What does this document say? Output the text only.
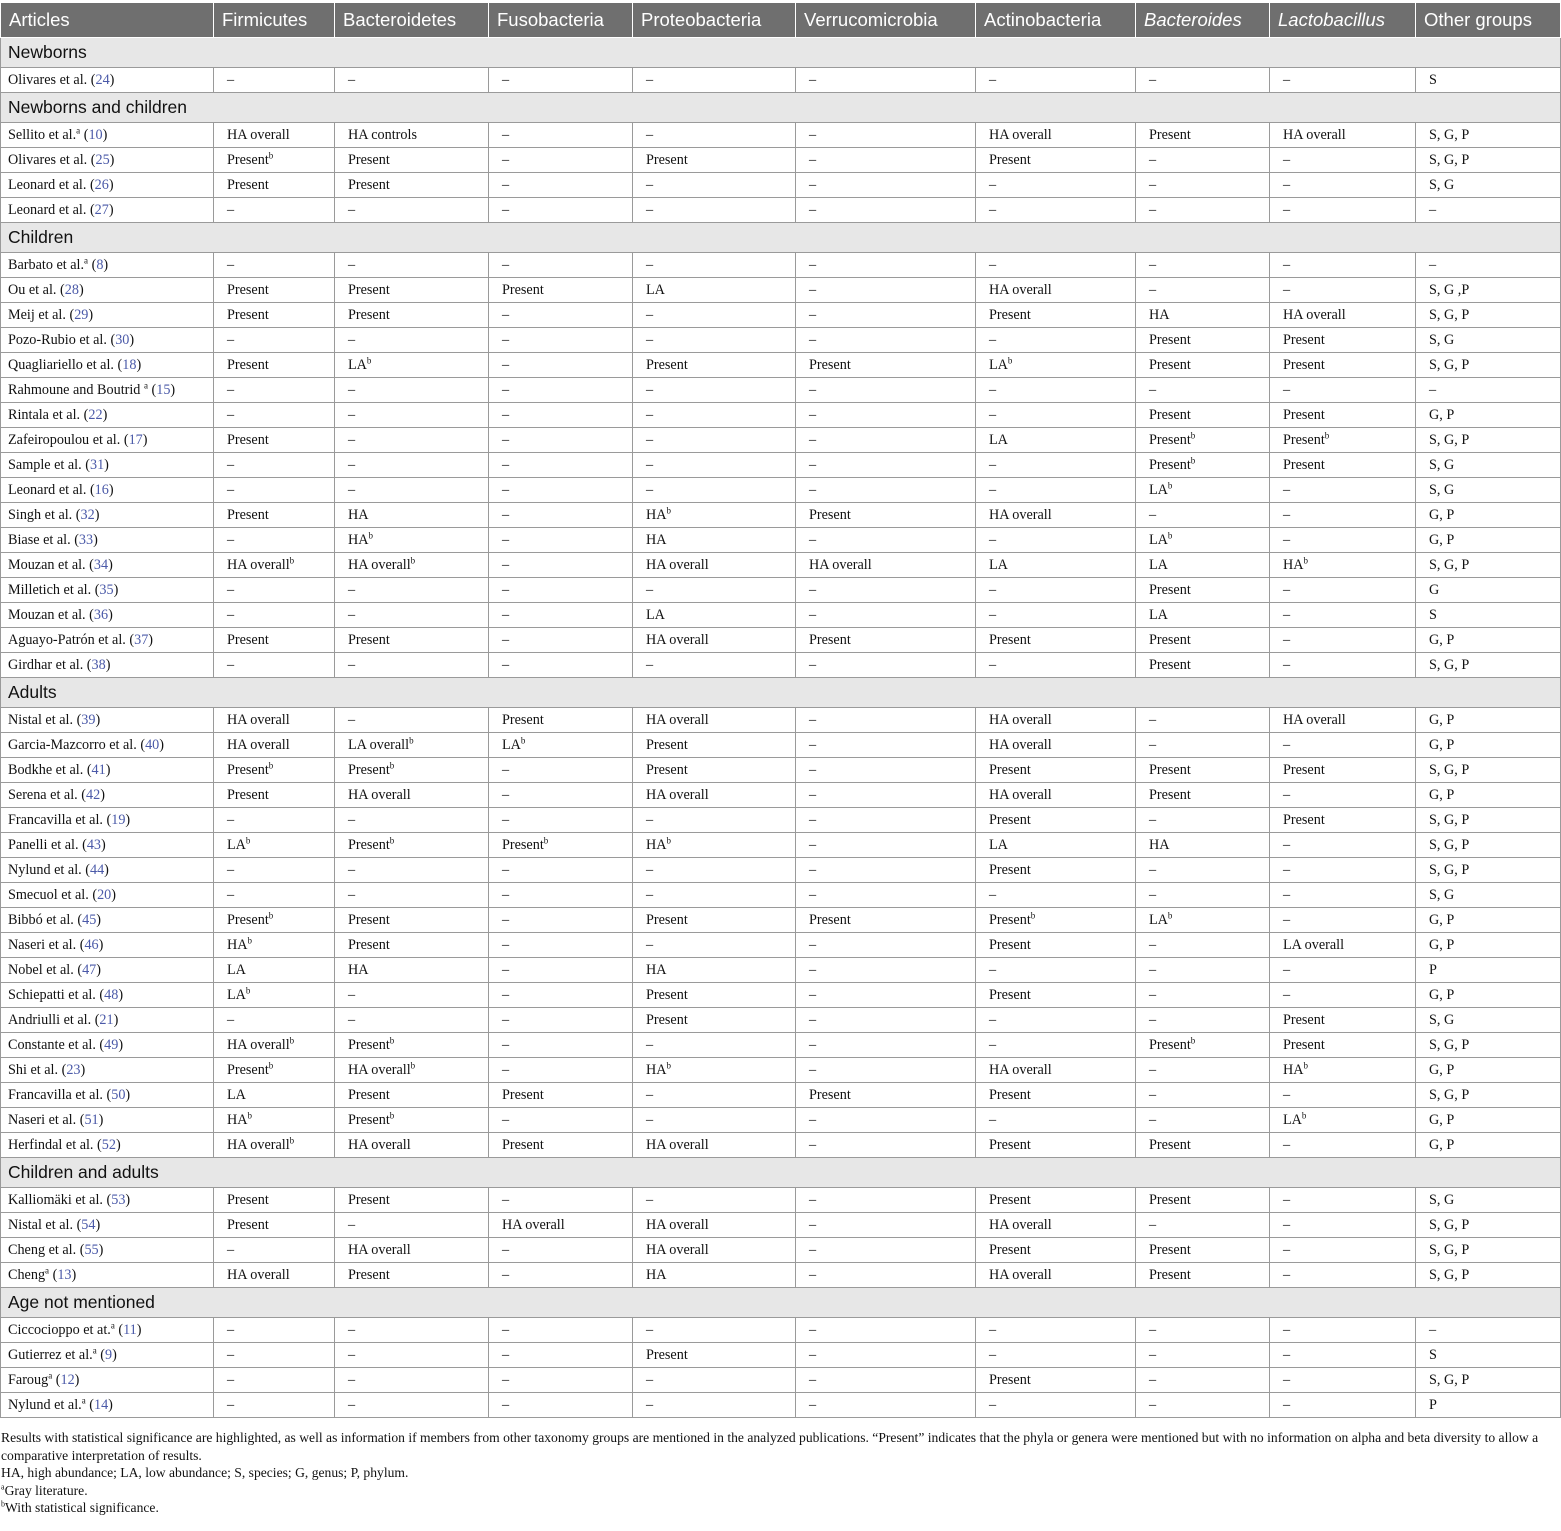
Articles	Firmicutes	Bacteroidetes	Fusobacteria	Proteobacteria	Verrucomicrobia	Actinobacteria	Bacteroides	Lactobacillus	Other groups
Newborns									
Olivares et al. (24)	–	–	–	–	–	–	–	–	S
Newborns and children									
Sellito et al.$^a$ (10)	HA overall	HA controls	–	–	–	HA overall	Present	HA overall	S, G, P
Olivares et al. (25)	Present$^b$	Present	–	Present	–	Present	–	–	S, G, P
Leonard et al. (26)	Present	Present	–	–	–	–	–	–	S, G
Leonard et al. (27)	–	–	–	–	–	–	–	–	–
Children									
Barbato et al.$^a$ (8)	–	–	–	–	–	–	–	–	–
Ou et al. (28)	Present	Present	Present	LA	–	HA overall	–	–	S, G ,P
Meij et al. (29)	Present	Present	–	–	–	Present	HA	HA overall	S, G, P
Pozo-Rubio et al. (30)	–	–	–	–	–	–	Present	Present	S, G
Quagliariello et al. (18)	Present	$LA^b$	–	Present	Present	$LA^b$	Present	Present	S, G, P
Rahmoune and Boutrid $^a$ (15)	–	–	–	–	–	–	–	–	–
Rintala et al. (22)	–	–	–	–	–	–	Present	Present	G, P
Zafeiropoulou et al. (17)	Present	–	–	–	–	LA	Present$^b$	Present$^b$	S, G, P
Sample et al. (31)	–	–	–	–	–	–	Present$^b$	Present	S, G
Leonard et al. (16)	–	–	–	–	–	–	$LA^b$	–	S, G
Singh et al. (32)	Present	HA	–	$HA^b$	Present	HA overall	–	–	G, P
Biase et al. (33)	–	$HA^b$	–	HA	–	–	$LA^b$	–	G, P
Mouzan et al. (34)	HA overall$^b$	HA overall$^b$	–	HA overall	HA overall	LA	LA	$HA^b$	S, G, P
Milletich et al. (35)	–	–	–	–	–	–	Present	–	G
Mouzan et al. (36)	–	–	–	LA	–	–	LA	–	S
Aguayo-Patrón et al. (37)	Present	Present	–	HA overall	Present	Present	Present	–	G, P
Girdhar et al. (38)	–	–	–	–	–	–	Present	–	S, G, P
Adults									
Nistal et al. (39)	HA overall	–	Present	HA overall	–	HA overall	–	HA overall	G, P
Garcia-Mazcorro et al. (40)	HA overall	LA overall$^b$	$LA^b$	Present	–	HA overall	–	–	G, P
Bodkhe et al. (41)	Present$^b$	Present$^b$	–	Present	–	Present	Present	Present	S, G, P
Serena et al. (42)	Present	HA overall	–	HA overall	–	HA overall	Present	–	G, P
Francavilla et al. (19)	–	–	–	–	–	Present	–	Present	S, G, P
Panelli et al. (43)	$LA^b$	Present$^b$	Present$^b$	$HA^b$	–	LA	HA	–	S, G, P
Nylund et al. (44)	–	–	–	–	–	Present	–	–	S, G, P
Smecuol et al. (20)	–	–	–	–	–	–	–	–	S, G
Bibbó et al. (45)	Present$^b$	Present	–	Present	Present	Present$^b$	$LA^b$	–	G, P
Naseri et al. (46)	$HA^b$	Present	–	–	–	Present	–	LA overall	G, P
Nobel et al. (47)	LA	HA	–	HA	–	–	–	–	P
Schiepatti et al. (48)	$LA^b$	–	–	Present	–	Present	–	–	G, P
Andriulli et al. (21)	–	–	–	Present	–	–	–	Present	S, G
Constante et al. (49)	HA overall$^b$	Present$^b$	–	–	–	–	Present$^b$	Present	S, G, P
Shi et al. (23)	Present$^b$	HA overall$^b$	–	$HA^b$	–	HA overall	–	$HA^b$	G, P
Francavilla et al. (50)	LA	Present	Present	–	Present	Present	–	–	S, G, P
Naseri et al. (51)	$HA^b$	Present$^b$	–	–	–	–	–	$LA^b$	G, P
Herfindal et al. (52)	HA overall$^b$	HA overall	Present	HA overall	–	Present	Present	–	G, P
Children and adults									
Kalliomäki et al. (53)	Present	Present	–	–	–	Present	Present	–	S, G
Nistal et al. (54)	Present	–	HA overall	HA overall	–	HA overall	–	–	S, G, P
Cheng et al. (55)	–	HA overall	–	HA overall	–	Present	Present	–	S, G, P
Cheng$^a$ (13)	HA overall	Present	–	HA	–	HA overall	Present	–	S, G, P
Age not mentioned									
Ciccocioppo et at.$^a$ (11)	–	–	–	–	–	–	–	–	–
Gutierrez et al.$^a$ (9)	–	–	–	Present	–	–	–	–	S
Faroug$^a$ (12)	–	–	–	–	–	Present	–	–	S, G, P
Nylund et al.$^a$ (14)	–	–	–	–	–	–	–	–	P

Results with statistical significance are highlighted, as well as information if members from other taxonomy groups are mentioned in the analyzed publications. “Present” indicates that the phyla or genera were mentioned but with no information on alpha and beta diversity to allow a comparative interpretation of results.

HA, high abundance; LA, low abundance; S, species; G, genus; P, phylum.

$^a$Gray literature.

$^b$With statistical significance.
